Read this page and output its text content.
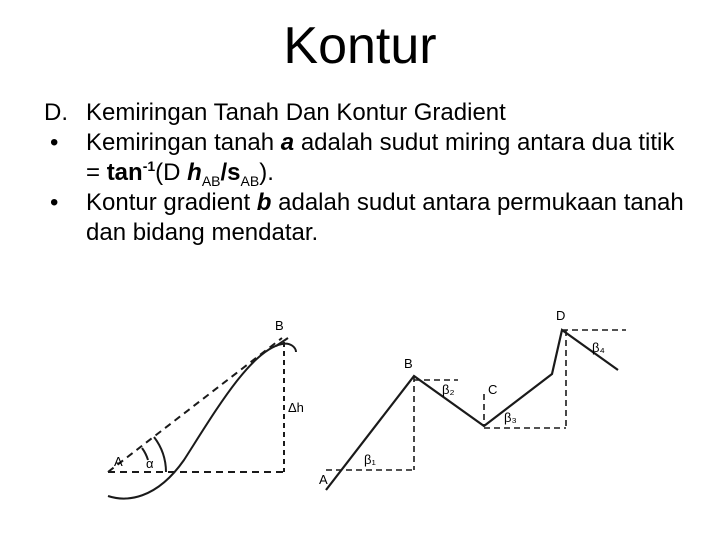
Kontur
D. Kemiringan Tanah Dan Kontur Gradient
• Kemiringan tanah a adalah sudut miring antara dua titik = $\tan^{-1}(D$ $h_{AB}/s_{AB}$).
• Kontur gradient b adalah sudut antara permukaan tanah dan bidang mendatar.
A
B
α
Δh
A
B
C
D
β₁
β₂
β₃
β₄
